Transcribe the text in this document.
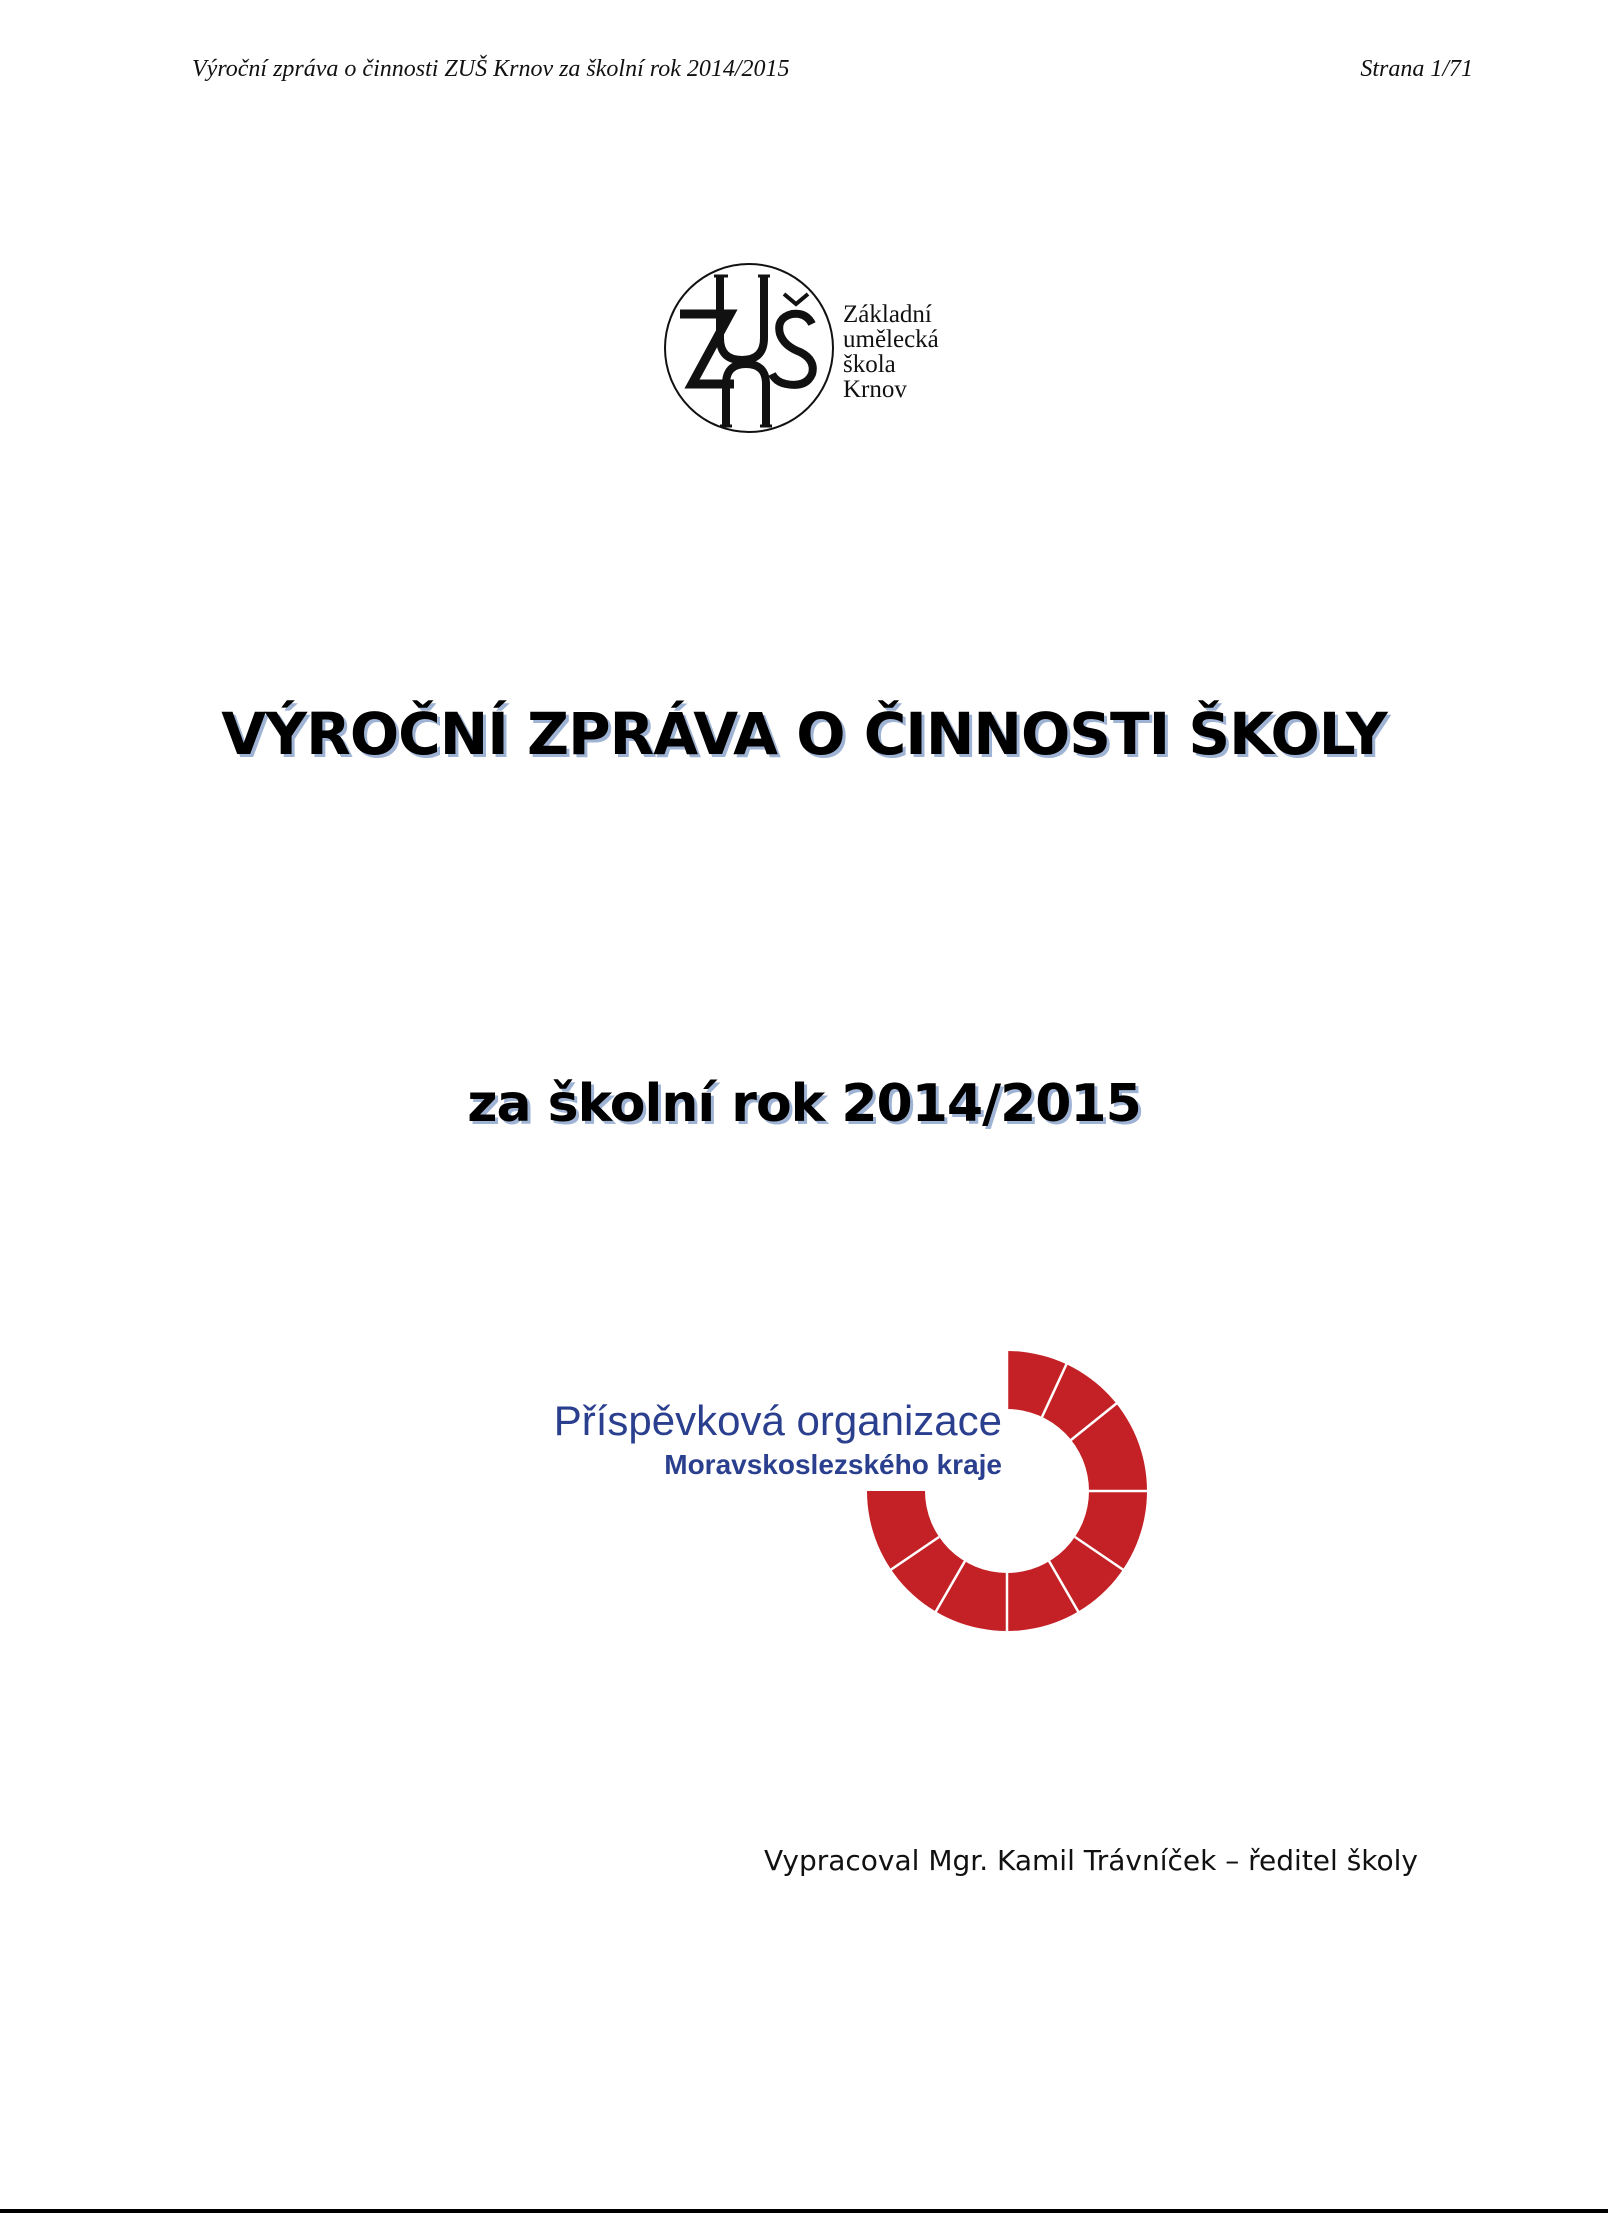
Výroční zpráva o činnosti ZUŠ Krnov za školní rok 2014/2015	Strana 1/71
Základní
umělecká
škola
Krnov
VÝROČNÍ ZPRÁVA O ČINNOSTI ŠKOLY
za školní rok 2014/2015
Příspěvková organizace
Moravskoslezského kraje
Vypracoval Mgr. Kamil Trávníček – ředitel školy
